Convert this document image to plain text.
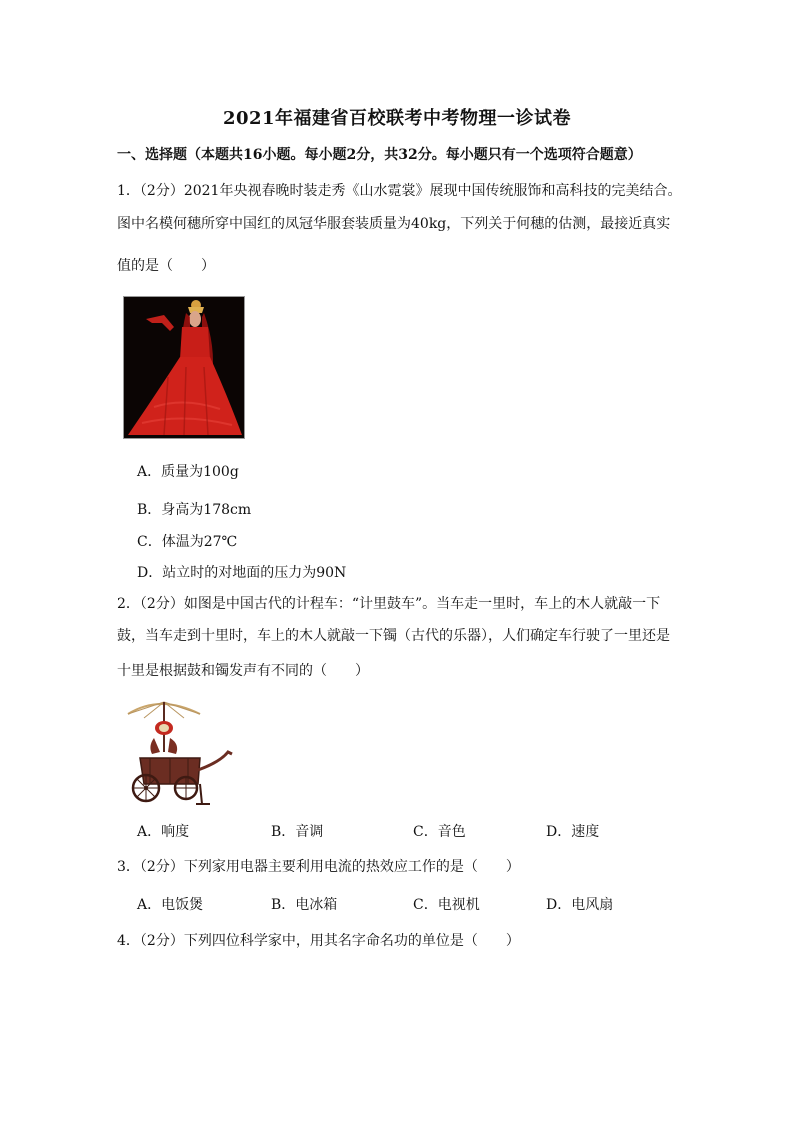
2021年福建省百校联考中考物理一诊试卷
一、选择题（本题共16小题。每小题2分，共32分。每小题只有一个选项符合题意）
1．（2分）2021年央视春晚时装走秀《山水霓裳》展现中国传统服饰和高科技的完美结合。
图中名模何穗所穿中国红的凤冠华服套装质量为40kg，下列关于何穗的估测，最接近真实
值的是（　　）
A．质量为100g
B．身高为178cm
C．体温为27℃
D．站立时的对地面的压力为90N
2．（2分）如图是中国古代的计程车：“计里鼓车”。当车走一里时，车上的木人就敲一下
鼓，当车走到十里时，车上的木人就敲一下镯（古代的乐器），人们确定车行驶了一里还是
十里是根据鼓和镯发声有不同的（　　）
A．响度	B．音调	C．音色	D．速度
3．（2分）下列家用电器主要利用电流的热效应工作的是（　　）
A．电饭煲	B．电冰箱	C．电视机	D．电风扇
4．（2分）下列四位科学家中，用其名字命名功的单位是（　　）
